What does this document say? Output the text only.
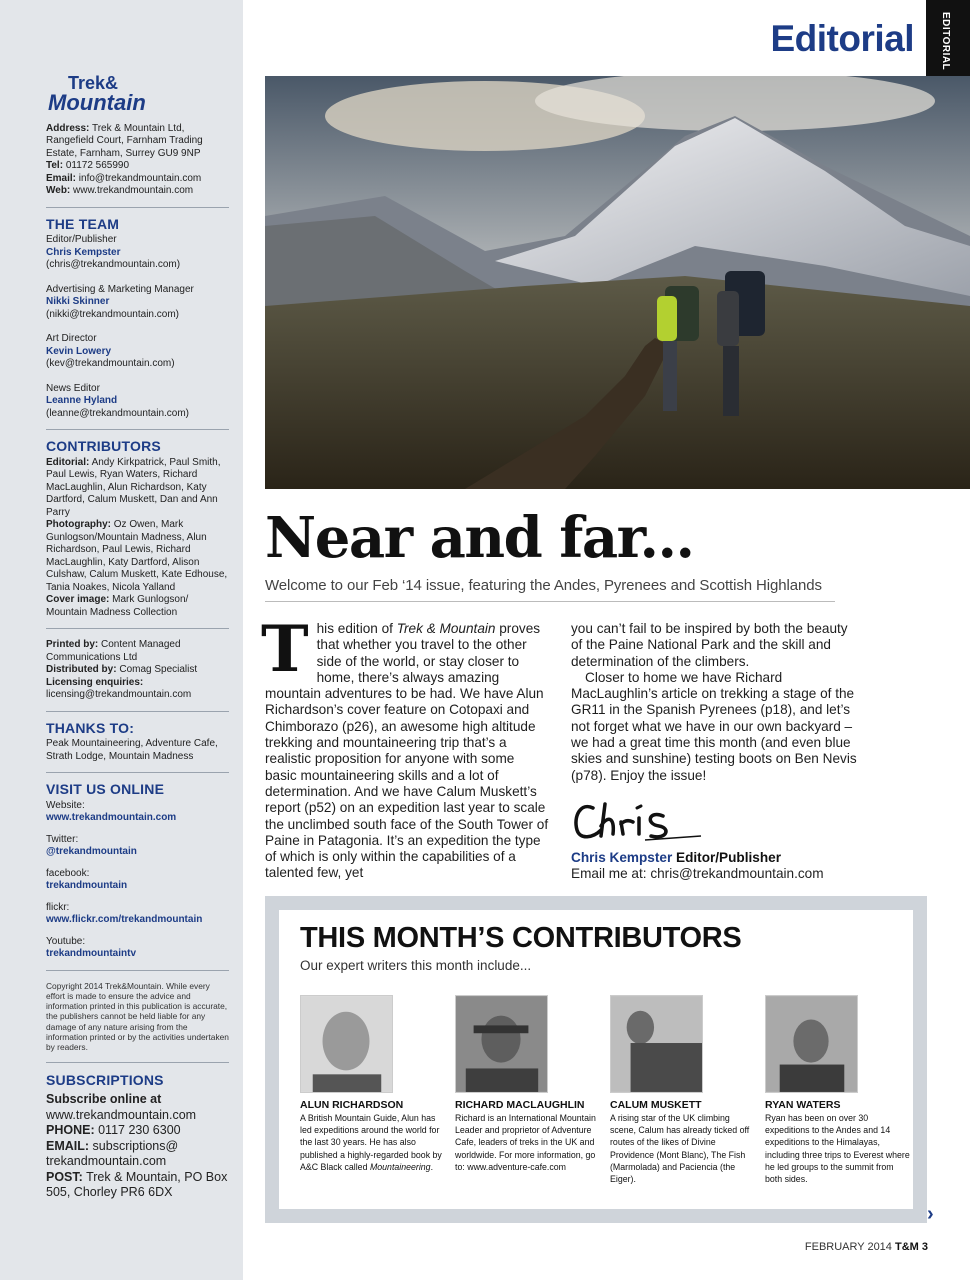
Trek&
Mountain
Address: Trek & Mountain Ltd, Rangefield Court, Farnham Trading Estate, Farnham, Surrey GU9 9NP
Tel: 01172 565990
Email: info@trekandmountain.com
Web: www.trekandmountain.com
THE TEAM
Editor/Publisher
Chris Kempster
(chris@trekandmountain.com)
Advertising & Marketing Manager
Nikki Skinner
(nikki@trekandmountain.com)
Art Director
Kevin Lowery
(kev@trekandmountain.com)
News Editor
Leanne Hyland
(leanne@trekandmountain.com)
CONTRIBUTORS
Editorial: Andy Kirkpatrick, Paul Smith, Paul Lewis, Ryan Waters, Richard MacLaughlin, Alun Richardson, Katy Dartford, Calum Muskett, Dan and Ann Parry
Photography: Oz Owen, Mark Gunlogson/Mountain Madness, Alun Richardson, Paul Lewis, Richard MacLaughlin, Katy Dartford, Alison Culshaw, Calum Muskett, Kate Edhouse, Tania Noakes, Nicola Yalland
Cover image: Mark Gunlogson/ Mountain Madness Collection
Printed by: Content Managed Communications Ltd
Distributed by: Comag Specialist
Licensing enquiries:
licensing@trekandmountain.com
THANKS TO:
Peak Mountaineering, Adventure Cafe, Strath Lodge, Mountain Madness
VISIT US ONLINE
Website:
www.trekandmountain.com
Twitter:
@trekandmountain
facebook:
trekandmountain
flickr:
www.flickr.com/trekandmountain
Youtube:
trekandmountaintv
Copyright 2014 Trek&Mountain. While every effort is made to ensure the advice and information printed in this publication is accurate, the publishers cannot be held liable for any damage of any nature arising from the information printed or by the activities undertaken by readers.
SUBSCRIPTIONS
Subscribe online at
www.trekandmountain.com
PHONE: 0117 230 6300
EMAIL: subscriptions@ trekandmountain.com
POST: Trek & Mountain, PO Box 505, Chorley PR6 6DX
Editorial	EDITORIAL
Near and far...
Welcome to our Feb ‘14 issue, featuring the Andes, Pyrenees and Scottish Highlands

This edition of Trek & Mountain proves that whether you travel to the other side of the world, or stay closer to home, there’s always amazing mountain adventures to be had. We have Alun Richardson’s cover feature on Cotopaxi and Chimborazo (p26), an awesome high altitude trekking and mountaineering trip that’s a realistic proposition for anyone with some basic mountaineering skills and a lot of determination. And we have Calum Muskett’s report (p52) on an expedition last year to scale the unclimbed south face of the South Tower of Paine in Patagonia. It’s an expedition the type of which is only within the capabilities of a talented few, yet

you can’t fail to be inspired by both the beauty of the Paine National Park and the skill and determination of the climbers.

Closer to home we have Richard MacLaughlin’s article on trekking a stage of the GR11 in the Spanish Pyrenees (p18), and let’s not forget what we have in our own backyard – we had a great time this month (and even blue skies and sunshine) testing boots on Ben Nevis (p78). Enjoy the issue!

Chris Kempster Editor/Publisher
Email me at: chris@trekandmountain.com
THIS MONTH’S CONTRIBUTORS
Our expert writers this month include...
ALUN RICHARDSON
A British Mountain Guide, Alun has led expeditions around the world for the last 30 years. He has also published a highly-regarded book by A&C Black called Mountaineering.
RICHARD MACLAUGHLIN
Richard is an International Mountain Leader and proprietor of Adventure Cafe, leaders of treks in the UK and worldwide. For more information, go to: www.adventure-cafe.com
CALUM MUSKETT
A rising star of the UK climbing scene, Calum has already ticked off routes of the likes of Divine Providence (Mont Blanc), The Fish (Marmolada) and Paciencia (the Eiger).
RYAN WATERS
Ryan has been on over 30 expeditions to the Andes and 14 expeditions to the Himalayas, including three trips to Everest where he led groups to the summit from both sides.
›
FEBRUARY 2014 T&M 3
